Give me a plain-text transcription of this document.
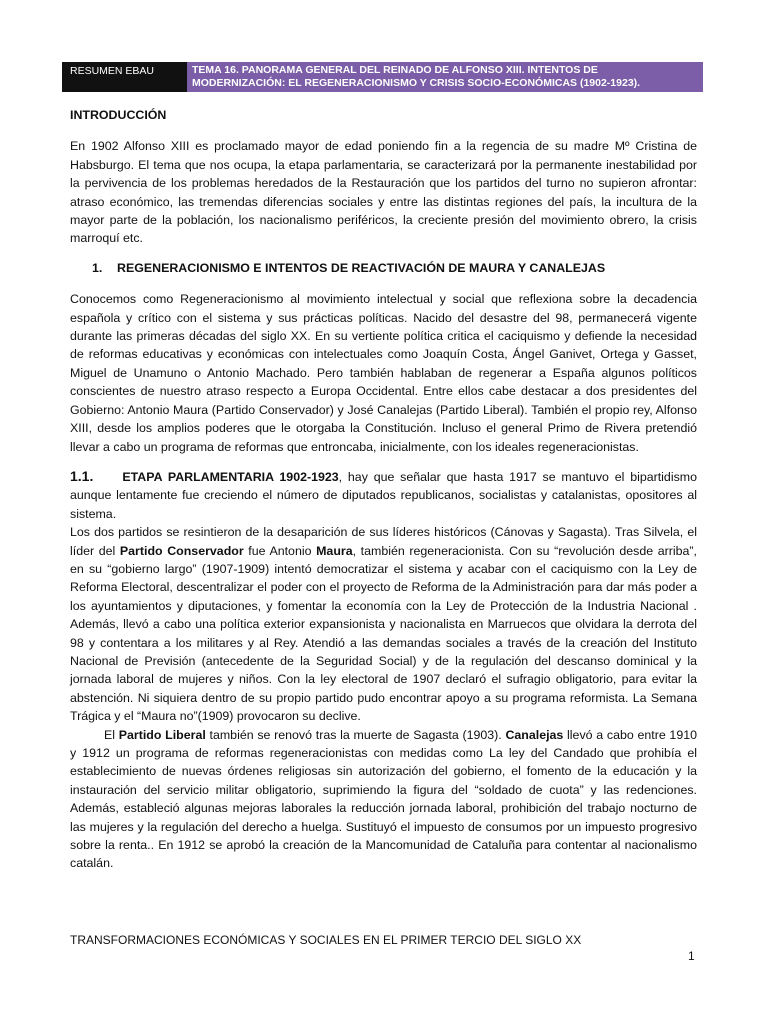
RESUMEN EBAU	TEMA 16. PANORAMA GENERAL DEL REINADO DE ALFONSO XIII. INTENTOS DE
MODERNIZACIÓN: EL REGENERACIONISMO Y CRISIS SOCIO-ECONÓMICAS (1902-1923).
INTRODUCCIÓN

En 1902 Alfonso XIII es proclamado mayor de edad poniendo fin a la regencia de su madre Mº Cristina de Habsburgo. El tema que nos ocupa, la etapa parlamentaria, se caracterizará por la permanente inestabilidad por la pervivencia de los problemas heredados de la Restauración que los partidos del turno no supieron afrontar: atraso económico, las tremendas diferencias sociales y entre las distintas regiones del país, la incultura de la mayor parte de la población, los nacionalismo periféricos, la creciente presión del movimiento obrero, la crisis marroquí etc.

1.	REGENERACIONISMO E INTENTOS DE REACTIVACIÓN DE MAURA Y CANALEJAS

Conocemos como Regeneracionismo al movimiento intelectual y social que reflexiona sobre la decadencia española y crítico con el sistema y sus prácticas políticas. Nacido del desastre del 98, permanecerá vigente durante las primeras décadas del siglo XX. En su vertiente política critica el caciquismo y defiende la necesidad de reformas educativas y económicas con intelectuales como Joaquín Costa, Ángel Ganivet, Ortega y Gasset, Miguel de Unamuno o Antonio Machado. Pero también hablaban de regenerar a España algunos políticos conscientes de nuestro atraso respecto a Europa Occidental. Entre ellos cabe destacar a dos presidentes del Gobierno: Antonio Maura (Partido Conservador) y José Canalejas (Partido Liberal). También el propio rey, Alfonso XIII, desde los amplios poderes que le otorgaba la Constitución. Incluso el general Primo de Rivera pretendió llevar a cabo un programa de reformas que entroncaba, inicialmente, con los ideales regeneracionistas.

1.1. ETAPA PARLAMENTARIA 1902-1923, hay que señalar que hasta 1917 se mantuvo el bipartidismo aunque lentamente fue creciendo el número de diputados republicanos, socialistas y catalanistas, opositores al sistema.

Los dos partidos se resintieron de la desaparición de sus líderes históricos (Cánovas y Sagasta). Tras Silvela, el líder del Partido Conservador fue Antonio Maura, también regeneracionista. Con su “revolución desde arriba”, en su “gobierno largo” (1907-1909) intentó democratizar el sistema y acabar con el caciquismo con la Ley de Reforma Electoral, descentralizar el poder con el proyecto de Reforma de la Administración para dar más poder a los ayuntamientos y diputaciones, y fomentar la economía con la Ley de Protección de la Industria Nacional . Además, llevó a cabo una política exterior expansionista y nacionalista en Marruecos que olvidara la derrota del 98 y contentara a los militares y al Rey. Atendió a las demandas sociales a través de la creación del Instituto Nacional de Previsión (antecedente de la Seguridad Social) y de la regulación del descanso dominical y la jornada laboral de mujeres y niños. Con la ley electoral de 1907 declaró el sufragio obligatorio, para evitar la abstención. Ni siquiera dentro de su propio partido pudo encontrar apoyo a su programa reformista. La Semana Trágica y el “Maura no”(1909) provocaron su declive.

El Partido Liberal también se renovó tras la muerte de Sagasta (1903). Canalejas llevó a cabo entre 1910 y 1912 un programa de reformas regeneracionistas con medidas como La ley del Candado que prohibía el establecimiento de nuevas órdenes religiosas sin autorización del gobierno, el fomento de la educación y la instauración del servicio militar obligatorio, suprimiendo la figura del “soldado de cuota” y las redenciones. Además, estableció algunas mejoras laborales la reducción jornada laboral, prohibición del trabajo nocturno de las mujeres y la regulación del derecho a huelga. Sustituyó el impuesto de consumos por un impuesto progresivo sobre la renta.. En 1912 se aprobó la creación de la Mancomunidad de Cataluña para contentar al nacionalismo catalán.

TRANSFORMACIONES ECONÓMICAS Y SOCIALES EN EL PRIMER TERCIO DEL SIGLO XX
1
